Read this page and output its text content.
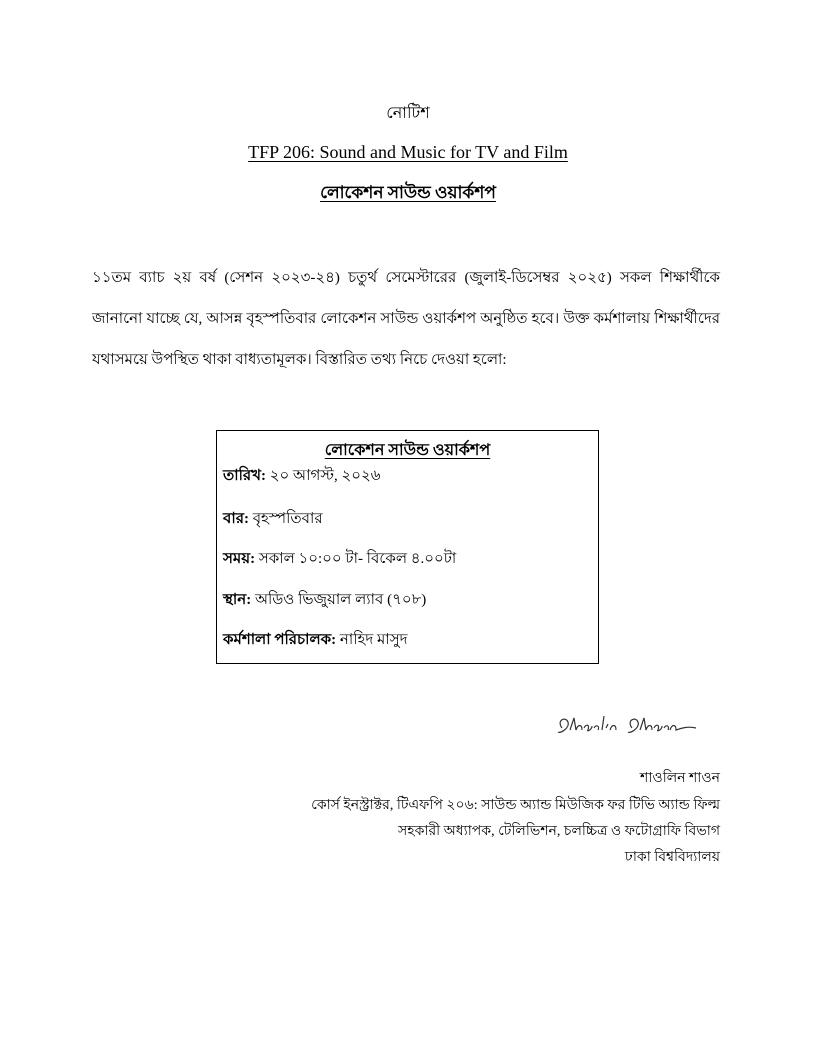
নোটিশ
TFP 206: Sound and Music for TV and Film
লোকেশন সাউন্ড ওয়ার্কশপ
১১তম ব্যাচ ২য় বর্ষ (সেশন ২০২৩-২৪) চতুর্থ সেমেস্টারের (জুলাই-ডিসেম্বর ২০২৫) সকল শিক্ষার্থীকে জানানো যাচ্ছে যে, আসন্ন বৃহস্পতিবার লোকেশন সাউন্ড ওয়ার্কশপ অনুষ্ঠিত হবে। উক্ত কর্মশালায় শিক্ষার্থীদের যথাসময়ে উপস্থিত থাকা বাধ্যতামূলক। বিস্তারিত তথ্য নিচে দেওয়া হলো:
লোকেশন সাউন্ড ওয়ার্কশপ
তারিখ: ২০ আগস্ট, ২০২৬
বার: বৃহস্পতিবার
সময়: সকাল ১০:০০ টা- বিকেল ৪.০০টা
স্থান: অডিও ভিজুয়াল ল্যাব (৭০৮)
কর্মশালা পরিচালক: নাহিদ মাসুদ
শাওলিন শাওন
কোর্স ইনস্ট্রাক্টর, টিএফপি ২০৬: সাউন্ড অ্যান্ড মিউজিক ফর টিভি অ্যান্ড ফিল্ম
সহকারী অধ্যাপক, টেলিভিশন, চলচ্চিত্র ও ফটোগ্রাফি বিভাগ
ঢাকা বিশ্ববিদ্যালয়
